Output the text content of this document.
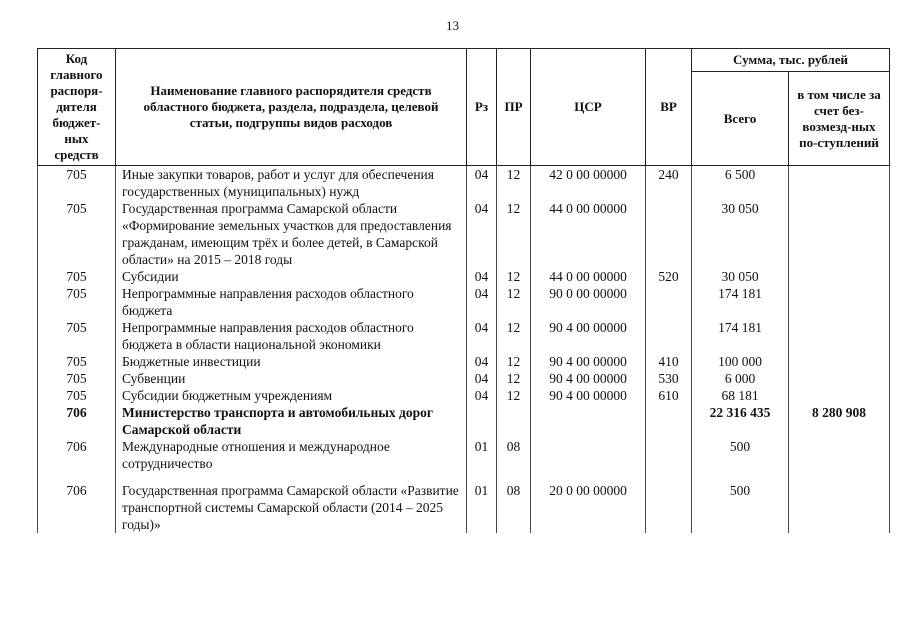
13
Код главного распоря-дителя бюджет-ных средств	Наименование главного распорядителя средств областного бюджета, раздела, подраздела, целевой статьи, подгруппы видов расходов	Рз	ПР	ЦСР	ВР	Сумма, тыс. рублей	
						Всего	в том числе за счет без-возмезд-ных по-ступлений
705	Иные закупки товаров, работ и услуг для обеспечения государственных (муниципальных) нужд	04	12	42 0 00 00000	240	6 500	
705	Государственная программа Самарской области «Формирование земельных участков для предоставления гражданам, имеющим трёх и более детей, в Самарской области» на 2015 – 2018 годы	04	12	44 0 00 00000		30 050	
705	Субсидии	04	12	44 0 00 00000	520	30 050	
705	Непрограммные направления расходов областного бюджета	04	12	90 0 00 00000		174 181	
705	Непрограммные направления расходов областного бюджета в области национальной экономики	04	12	90 4 00 00000		174 181	
705	Бюджетные инвестиции	04	12	90 4 00 00000	410	100 000	
705	Субвенции	04	12	90 4 00 00000	530	6 000	
705	Субсидии бюджетным учреждениям	04	12	90 4 00 00000	610	68 181	
706	Министерство транспорта и автомобильных дорог Самарской области					22 316 435	8 280 908
706	Международные отношения и международное сотрудничество	01	08			500	

706	Государственная программа Самарской области «Развитие транспортной системы Самарской области (2014 – 2025 годы)»	01	08	20 0 00 00000		500	
